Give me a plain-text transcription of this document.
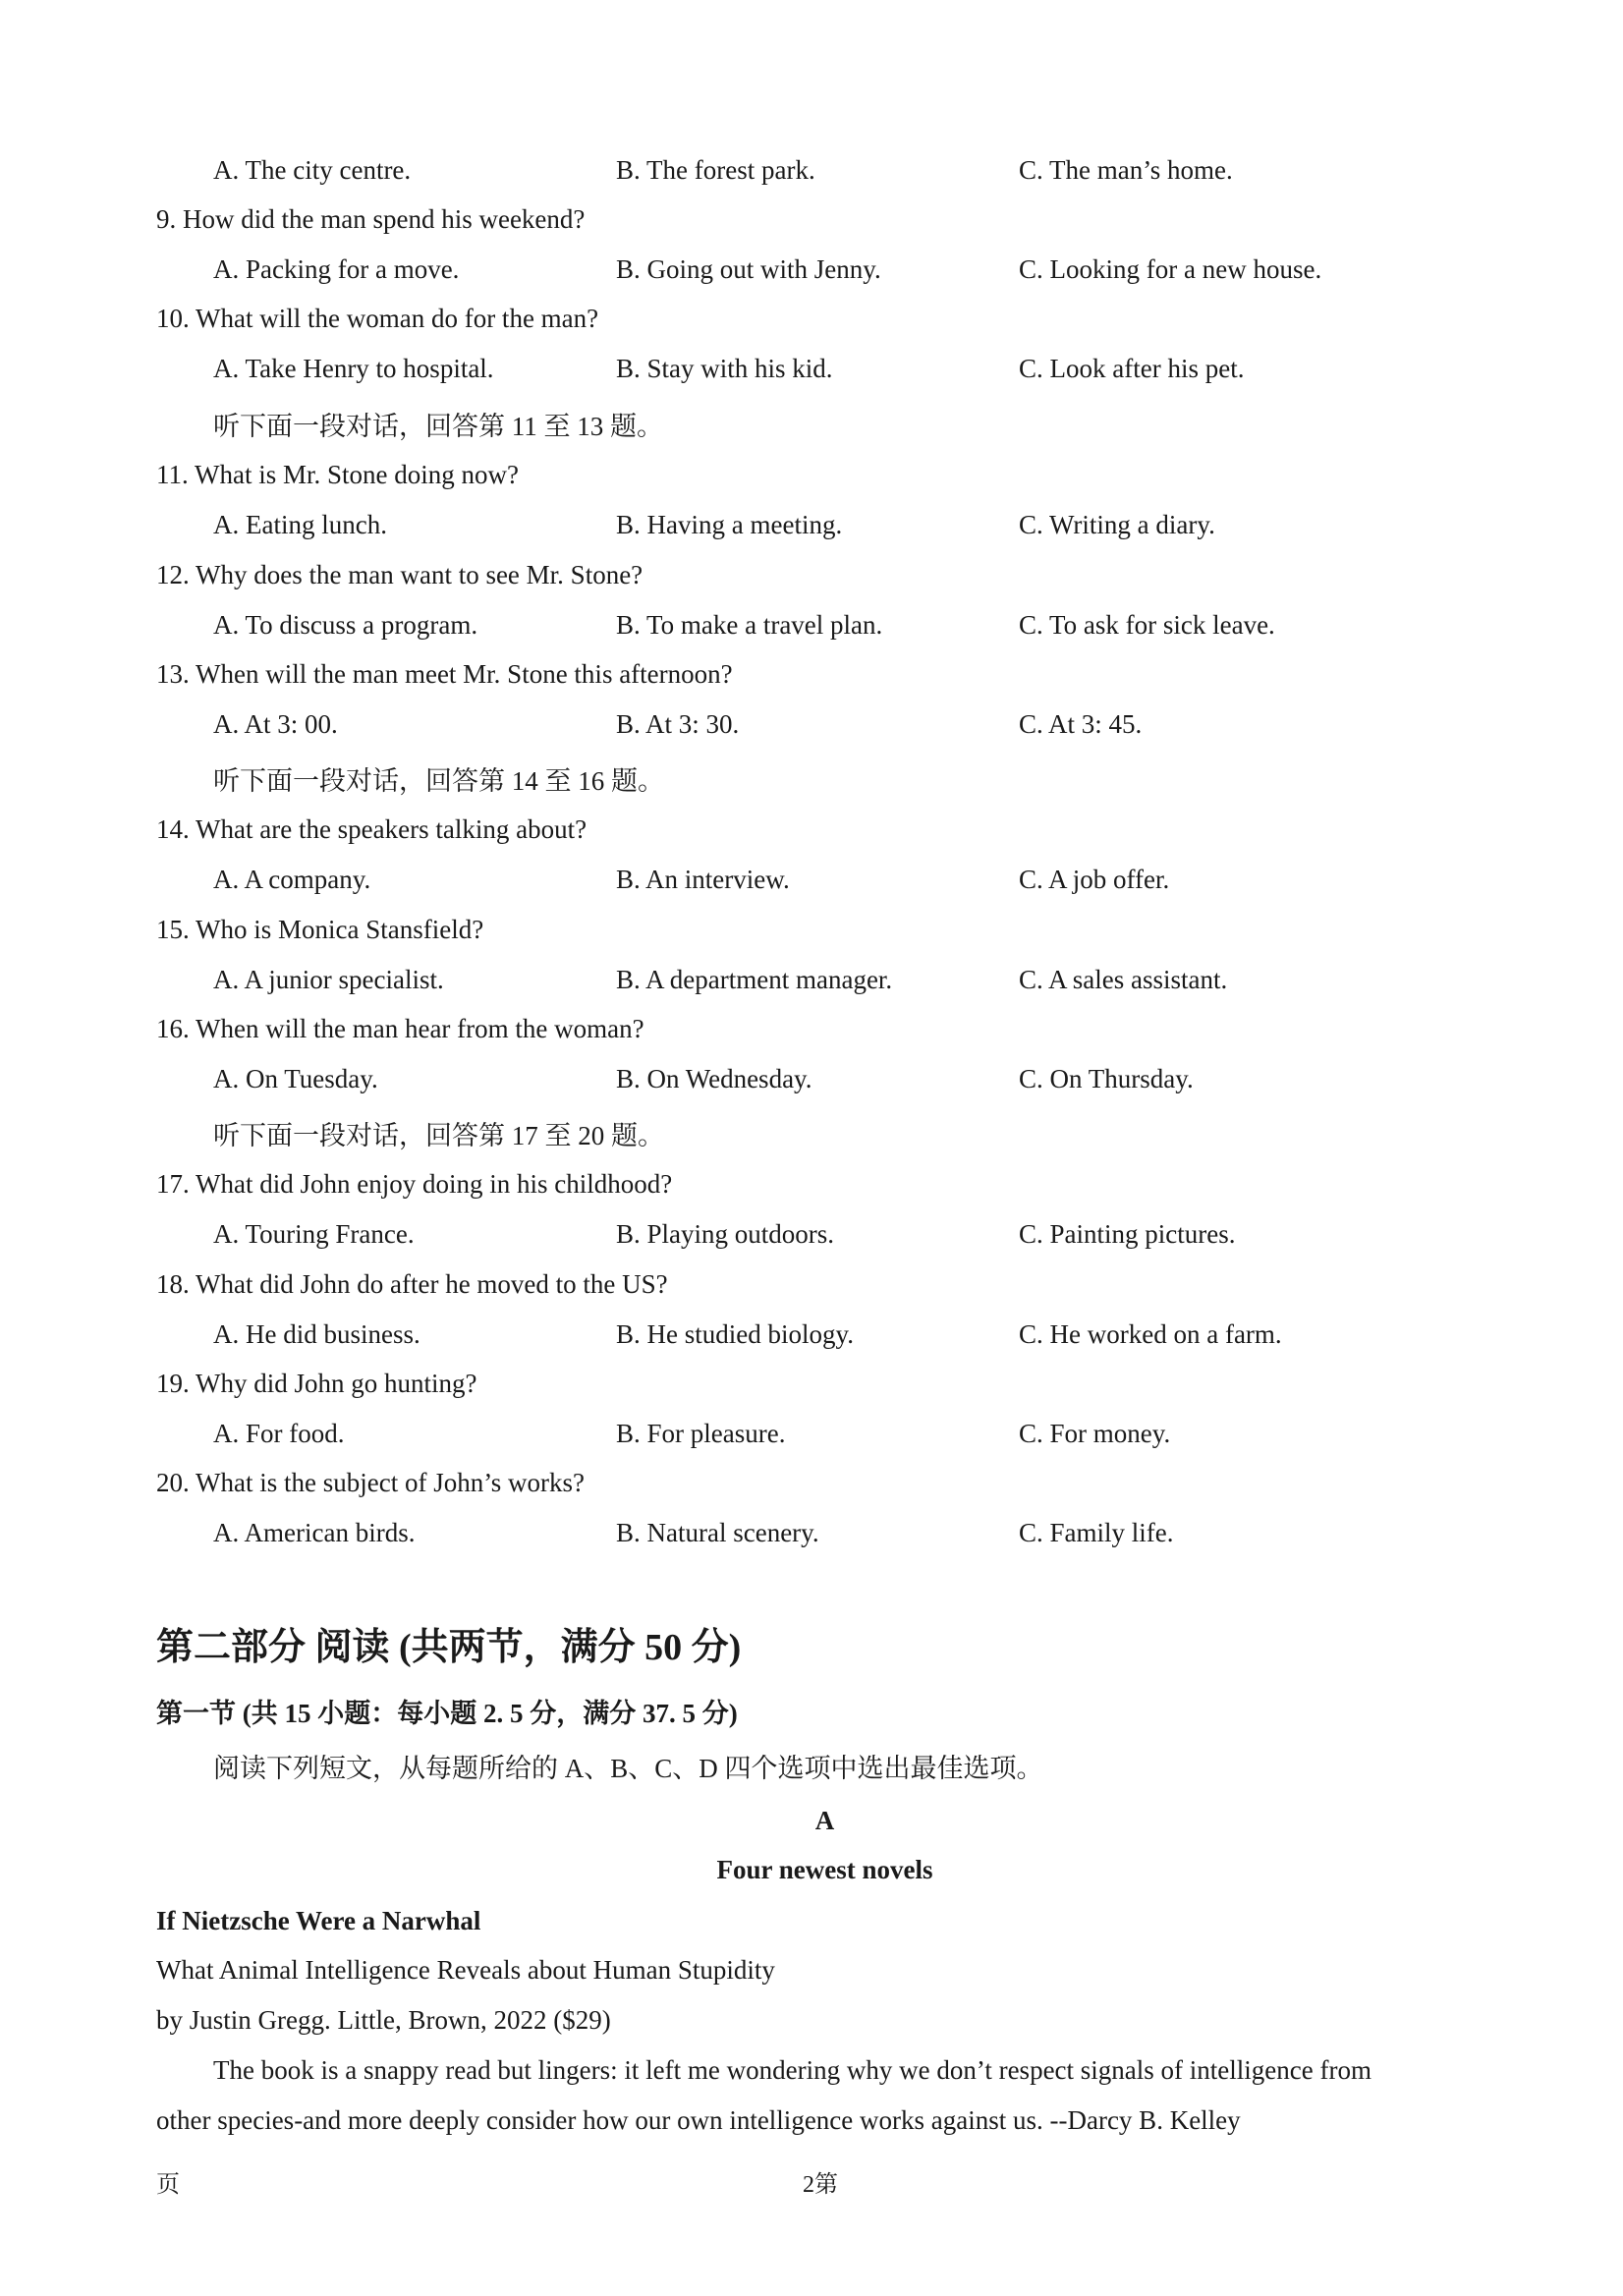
A. The city centre.	B. The forest park.	C. The man’s home.
9. How did the man spend his weekend?
A. Packing for a move.	B. Going out with Jenny.	C. Looking for a new house.
10. What will the woman do for the man?
A. Take Henry to hospital.	B. Stay with his kid.	C. Look after his pet.
听下面一段对话，回答第 11 至 13 题。
11. What is Mr. Stone doing now?
A. Eating lunch.	B. Having a meeting.	C. Writing a diary.
12. Why does the man want to see Mr. Stone?
A. To discuss a program.	B. To make a travel plan.	C. To ask for sick leave.
13. When will the man meet Mr. Stone this afternoon?
A. At 3: 00.	B. At 3: 30.	C. At 3: 45.
听下面一段对话，回答第 14 至 16 题。
14. What are the speakers talking about?
A. A company.	B. An interview.	C. A job offer.
15. Who is Monica Stansfield?
A. A junior specialist.	B. A department manager.	C. A sales assistant.
16. When will the man hear from the woman?
A. On Tuesday.	B. On Wednesday.	C. On Thursday.
听下面一段对话，回答第 17 至 20 题。
17. What did John enjoy doing in his childhood?
A. Touring France.	B. Playing outdoors.	C. Painting pictures.
18. What did John do after he moved to the US?
A. He did business.	B. He studied biology.	C. He worked on a farm.
19. Why did John go hunting?
A. For food.	B. For pleasure.	C. For money.
20. What is the subject of John’s works?
A. American birds.	B. Natural scenery.	C. Family life.
第二部分 阅读 (共两节，满分 50 分)
第一节 (共 15 小题：每小题 2. 5 分，满分 37. 5 分)
阅读下列短文，从每题所给的 A、B、C、D 四个选项中选出最佳选项。
A
Four newest novels
If Nietzsche Were a Narwhal
What Animal Intelligence Reveals about Human Stupidity
by Justin Gregg. Little, Brown, 2022 ($29)
The book is a snappy read but lingers: it left me wondering why we don’t respect signals of intelligence from
other species-and more deeply consider how our own intelligence works against us. --Darcy B. Kelley
页	2第
